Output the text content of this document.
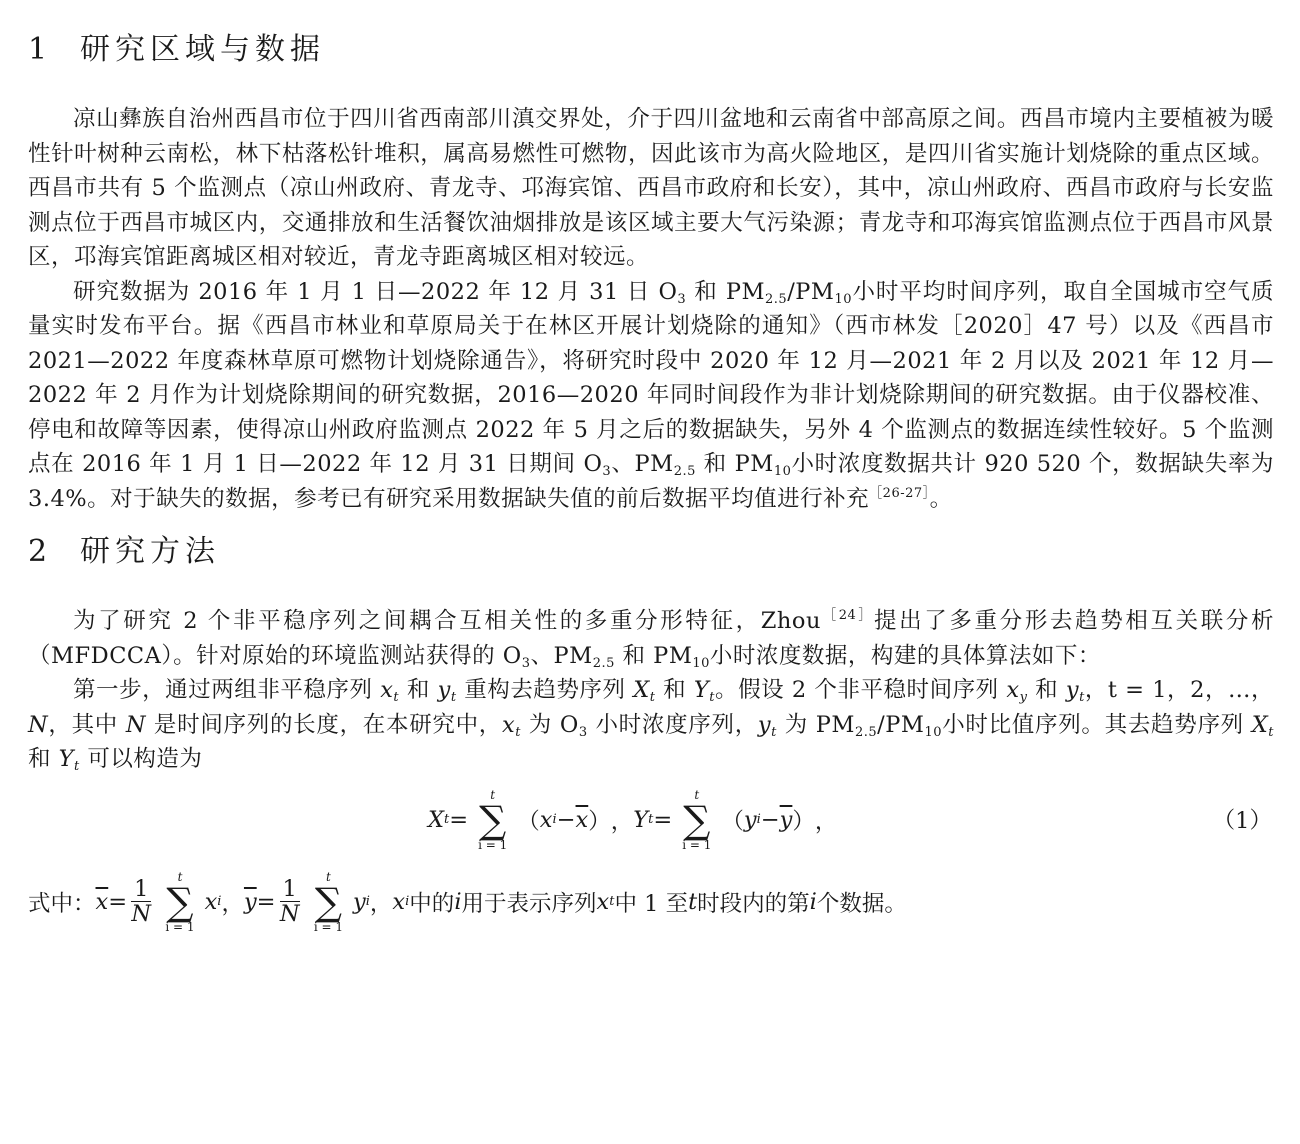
1 研究区域与数据

凉山彝族自治州西昌市位于四川省西南部川滇交界处，介于四川盆地和云南省中部高原之间。西昌市境内主要植被为暖性针叶树种云南松，林下枯落松针堆积，属高易燃性可燃物，因此该市为高火险地区，是四川省实施计划烧除的重点区域。西昌市共有 5 个监测点（凉山州政府、青龙寺、邛海宾馆、西昌市政府和长安），其中，凉山州政府、西昌市政府与长安监测点位于西昌市城区内，交通排放和生活餐饮油烟排放是该区域主要大气污染源；青龙寺和邛海宾馆监测点位于西昌市风景区，邛海宾馆距离城区相对较近，青龙寺距离城区相对较远。

研究数据为 2016 年 1 月 1 日—2022 年 12 月 31 日 $O_3$ 和 $PM_{2.5}/PM_{10}$小时平均时间序列，取自全国城市空气质量实时发布平台。据《西昌市林业和草原局关于在林区开展计划烧除的通知》（西市林发［2020］47 号）以及《西昌市 2021—2022 年度森林草原可燃物计划烧除通告》，将研究时段中 2020 年 12 月—2021 年 2 月以及 2021 年 12 月—2022 年 2 月作为计划烧除期间的研究数据，2016—2020 年同时间段作为非计划烧除期间的研究数据。由于仪器校准、停电和故障等因素，使得凉山州政府监测点 2022 年 5 月之后的数据缺失，另外 4 个监测点的数据连续性较好。5 个监测点在 2016 年 1 月 1 日—2022 年 12 月 31 日期间 $O_3$、$PM_{2.5}$ 和 $PM_{10}$小时浓度数据共计 920 520 个，数据缺失率为 3.4%。对于缺失的数据，参考已有研究采用数据缺失值的前后数据平均值进行补充$^{[26-27]}$。

2 研究方法

为了研究 2 个非平稳序列之间耦合互相关性的多重分形特征，Zhou$^{[24]}$提出了多重分形去趋势相互关联分析（MFDCCA）。针对原始的环境监测站获得的 $O_3$、$PM_{2.5}$ 和 $PM_{10}$小时浓度数据，构建的具体算法如下：

第一步，通过两组非平稳序列 $x_t$ 和 $y_t$ 重构去趋势序列 $X_t$ 和 $Y_t$。假设 2 个非平稳时间序列 $x_y$ 和 $y_t$，t = 1，2，…，N，其中 N 是时间序列的长度，在本研究中，$x_t$ 为 $O_3$ 小时浓度序列，$y_t$ 为 $PM_{2.5}/PM_{10}$小时比值序列。其去趋势序列 $X_t$ 和 $Y_t$ 可以构造为

X t =
t
∑
i = 1
（ x $i - \overline{x}$ ） ， Y t =
t
∑
i = 1
（ y $i - \overline{y}$ ） ，	（1）
式中： $\overline{x} = \frac{1}{N}$
t
∑
i = 1
x i ， $\overline{y} = \frac{1}{N}$
t
∑
i = 1
y i ， x i 中的 i 用于表示序列 x t 中 1 至 t 时段内的第 i 个数据。
